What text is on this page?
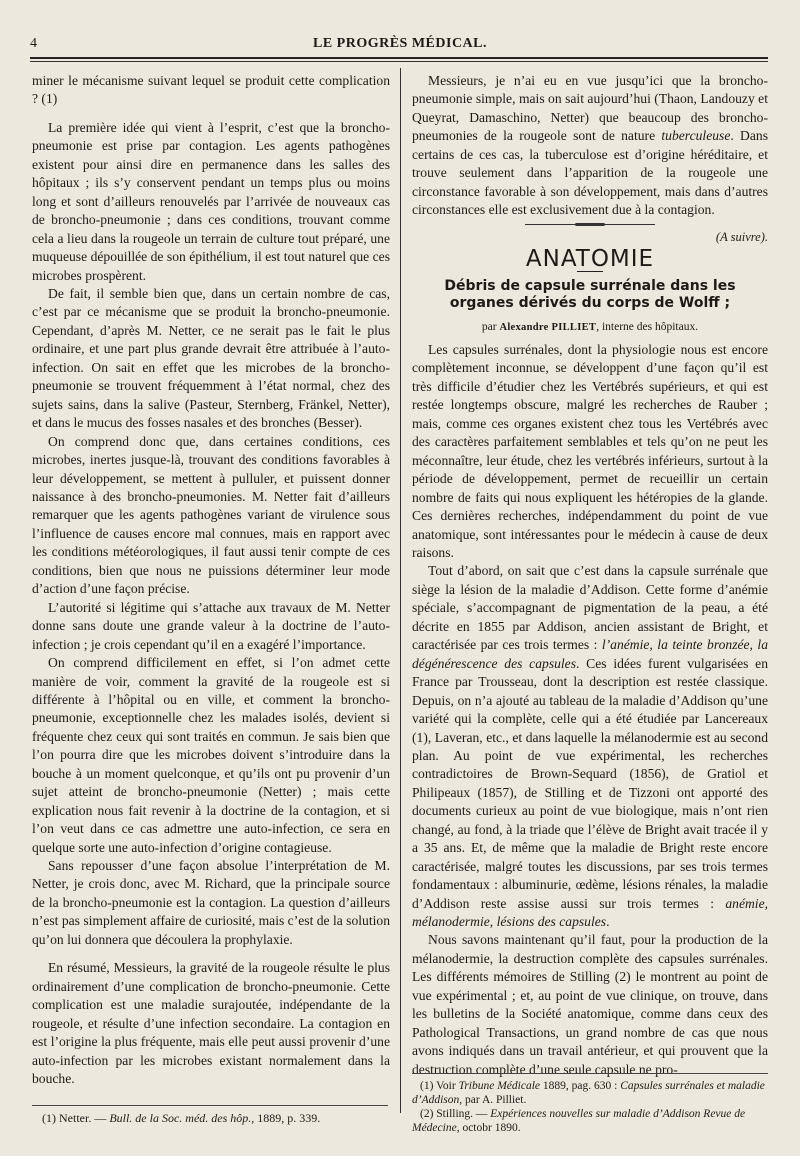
4	LE PROGRÈS MÉDICAL.

miner le mécanisme suivant lequel se produit cette complication ? (1)

La première idée qui vient à l’esprit, c’est que la broncho-pneumonie est prise par contagion. Les agents pathogènes existent pour ainsi dire en permanence dans les salles des hôpitaux ; ils s’y conservent pendant un temps plus ou moins long et sont d’ailleurs renouvelés par l’arrivée de nouveaux cas de broncho-pneumonie ; dans ces conditions, trouvant comme cela a lieu dans la rougeole un terrain de culture tout préparé, une muqueuse dépouillée de son épithélium, il est tout naturel que ces microbes prospèrent.

De fait, il semble bien que, dans un certain nombre de cas, c’est par ce mécanisme que se produit la broncho-pneumonie. Cependant, d’après M. Netter, ce ne serait pas le fait le plus ordinaire, et une part plus grande devrait être attribuée à l’auto-infection. On sait en effet que les microbes de la broncho-pneumonie se trouvent fréquemment à l’état normal, chez des sujets sains, dans la salive (Pasteur, Sternberg, Fränkel, Netter), et dans le mucus des fosses nasales et des bronches (Besser).

On comprend donc que, dans certaines conditions, ces microbes, inertes jusque-là, trouvant des conditions favorables à leur développement, se mettent à pulluler, et puissent donner naissance à des broncho-pneumonies. M. Netter fait d’ailleurs remarquer que les agents pathogènes variant de virulence sous l’influence de causes encore mal connues, mais en rapport avec les conditions météorologiques, il faut aussi tenir compte de ces conditions, bien que nous ne puissions déterminer leur mode d’action d’une façon précise.

L’autorité si légitime qui s’attache aux travaux de M. Netter donne sans doute une grande valeur à la doctrine de l’auto-infection ; je crois cependant qu’il en a exagéré l’importance.

On comprend difficilement en effet, si l’on admet cette manière de voir, comment la gravité de la rougeole est si différente à l’hôpital ou en ville, et comment la broncho-pneumonie, exceptionnelle chez les malades isolés, devient si fréquente chez ceux qui sont traités en commun. Je sais bien que l’on pourra dire que les microbes doivent s’introduire dans la bouche à un moment quelconque, et qu’ils ont pu provenir d’un sujet atteint de broncho-pneumonie (Netter) ; mais cette explication nous fait revenir à la doctrine de la contagion, et si l’on veut dans ce cas admettre une auto-infection, ce sera en quelque sorte une auto-infection d’origine contagieuse.

Sans repousser d’une façon absolue l’interprétation de M. Netter, je crois donc, avec M. Richard, que la principale source de la broncho-pneumonie est la contagion. La question d’ailleurs n’est pas simplement affaire de curiosité, mais c’est de la solution qu’on lui donnera que découlera la prophylaxie.

En résumé, Messieurs, la gravité de la rougeole résulte le plus ordinairement d’une complication de broncho-pneumonie. Cette complication est une maladie surajoutée, indépendante de la rougeole, et résulte d’une infection secondaire. La contagion en est l’origine la plus fréquente, mais elle peut aussi provenir d’une auto-infection par les microbes existant normalement dans la bouche.

(1) Netter. — Bull. de la Soc. méd. des hôp., 1889, p. 339.

Messieurs, je n’ai eu en vue jusqu’ici que la broncho-pneumonie simple, mais on sait aujourd’hui (Thaon, Landouzy et Queyrat, Damaschino, Netter) que beaucoup des broncho-pneumonies de la rougeole sont de nature tuberculeuse. Dans certains de ces cas, la tuberculose est d’origine héréditaire, et trouve seulement dans l’apparition de la rougeole une circonstance favorable à son développement, mais dans d’autres circonstances elle est exclusivement due à la contagion.

(A suivre).

ANATOMIE
Débris de capsule surrénale dans les organes dérivés du corps de Wolff ;
par Alexandre PILLIET, interne des hôpitaux.

Les capsules surrénales, dont la physiologie nous est encore complètement inconnue, se développent d’une façon qu’il est très difficile d’étudier chez les Vertébrés supérieurs, et qui est restée longtemps obscure, malgré les recherches de Rauber ; mais, comme ces organes existent chez tous les Vertébrés avec des caractères parfaitement semblables et tels qu’on ne peut les méconnaître, leur étude, chez les vertébrés inférieurs, surtout à la période de développement, permet de recueillir un certain nombre de faits qui nous expliquent les hétéropies de la glande. Ces dernières recherches, indépendamment du point de vue anatomique, sont intéressantes pour le médecin à cause de deux raisons.

Tout d’abord, on sait que c’est dans la capsule surrénale que siège la lésion de la maladie d’Addison. Cette forme d’anémie spéciale, s’accompagnant de pigmentation de la peau, a été décrite en 1855 par Addison, ancien assistant de Bright, et caractérisée par ces trois termes : l’anémie, la teinte bronzée, la dégénérescence des capsules. Ces idées furent vulgarisées en France par Trousseau, dont la description est restée classique. Depuis, on n’a ajouté au tableau de la maladie d’Addison qu’une variété qui la complète, celle qui a été étudiée par Lancereaux (1), Laveran, etc., et dans laquelle la mélanodermie est au second plan. Au point de vue expérimental, les recherches contradictoires de Brown-Sequard (1856), de Gratiol et Philipeaux (1857), de Stilling et de Tizzoni ont apporté des documents curieux au point de vue biologique, mais n’ont rien changé, au fond, à la triade que l’élève de Bright avait tracée il y a 35 ans. Et, de même que la maladie de Bright reste encore caractérisée, malgré toutes les discussions, par ses trois termes fondamentaux : albuminurie, œdème, lésions rénales, la maladie d’Addison reste assise aussi sur trois termes : anémie, mélanodermie, lésions des capsules.

Nous savons maintenant qu’il faut, pour la production de la mélanodermie, la destruction complète des capsules surrénales. Les différents mémoires de Stilling (2) le montrent au point de vue expérimental ; et, au point de vue clinique, on trouve, dans les bulletins de la Société anatomique, comme dans ceux des Pathological Transactions, un grand nombre de cas que nous avons indiqués dans un travail antérieur, et qui prouvent que la destruction complète d’une seule capsule ne pro-

(1) Voir Tribune Médicale 1889, pag. 630 : Capsules surrénales et maladie d’Addison, par A. Pilliet.

(2) Stilling. — Expériences nouvelles sur maladie d’Addison Revue de Médecine, octobr 1890.
